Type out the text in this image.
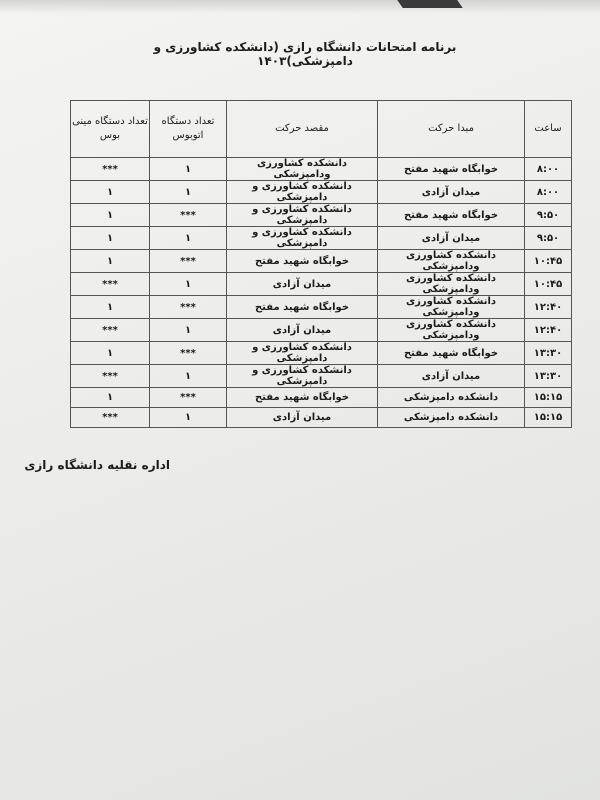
برنامه امتحانات دانشگاه رازی (دانشکده کشاورزی و دامپزشکی)۱۴۰۳
ساعت	مبدا حرکت	مقصد حرکت	تعداد دستگاه اتوبوس	تعداد دستگاه مینی بوس
۸:۰۰	خوابگاه شهید مفتح	دانشکده کشاورزی ودامپزشکی	۱	***
۸:۰۰	میدان آزادی	دانشکده کشاورزی و دامپزشکی	۱	۱
۹:۵۰	خوابگاه شهید مفتح	دانشکده کشاورزی و دامپزشکی	***	۱
۹:۵۰	میدان آزادی	دانشکده کشاورزی و دامپزشکی	۱	۱
۱۰:۴۵	دانشکده کشاورزی ودامپزشکی	خوابگاه شهید مفتح	***	۱
۱۰:۴۵	دانشکده کشاورزی ودامپزشکی	میدان آزادی	۱	***
۱۲:۴۰	دانشکده کشاورزی ودامپزشکی	خوابگاه شهید مفتح	***	۱
۱۲:۴۰	دانشکده کشاورزی ودامپزشکی	میدان آزادی	۱	***
۱۳:۳۰	خوابگاه شهید مفتح	دانشکده کشاورزی و دامپزشکی	***	۱
۱۳:۳۰	میدان آزادی	دانشکده کشاورزی و دامپزشکی	۱	***
۱۵:۱۵	دانشکده دامپزشکی	خوابگاه شهید مفتح	***	۱
۱۵:۱۵	دانشکده دامپزشکی	میدان آزادی	۱	***
اداره نقلیه دانشگاه رازی
